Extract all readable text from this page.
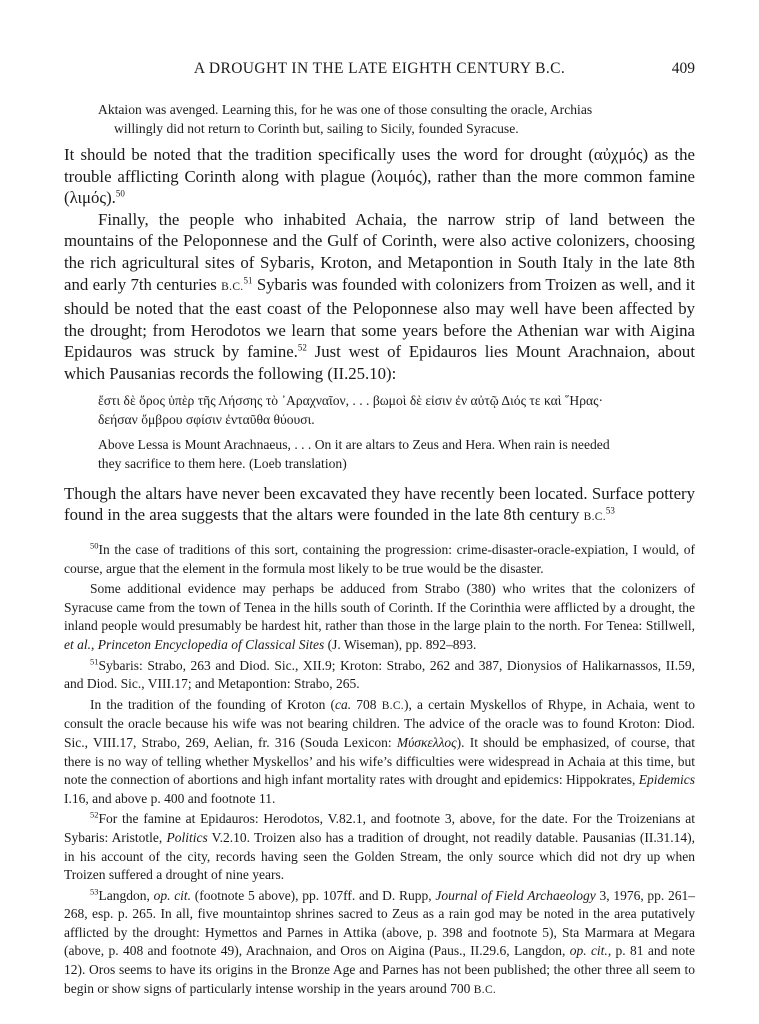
A DROUGHT IN THE LATE EIGHTH CENTURY B.C.	409

Aktaion was avenged. Learning this, for he was one of those consulting the oracle, Archias
willingly did not return to Corinth but, sailing to Sicily, founded Syracuse.

It should be noted that the tradition specifically uses the word for drought (αὐχμός) as the trouble afflicting Corinth along with plague (λοιμός), rather than the more common famine (λιμός).$^{50}$

Finally, the people who inhabited Achaia, the narrow strip of land between the mountains of the Peloponnese and the Gulf of Corinth, were also active colonizers, choosing the rich agricultural sites of Sybaris, Kroton, and Metapontion in South Italy in the late 8th and early 7th centuries B.C.$^{51}$ Sybaris was founded with colonizers from Troizen as well, and it should be noted that the east coast of the Peloponnese also may well have been affected by the drought; from Herodotos we learn that some years before the Athenian war with Aigina Epidauros was struck by famine.$^{52}$ Just west of Epidauros lies Mount Arachnaion, about which Pausanias records the following (II.25.10):

ἔστι δὲ ὄρος ὑπὲρ τῆς Λήσσης τὸ ᾽Αραχναῖον, . . . βωμοὶ δὲ εἰσιν ἐν αὐτῷ Διός τε καὶ ῞Ηρας·
δεήσαν ὄμβρου σφίσιν ἐνταῦθα θύουσι.

Above Lessa is Mount Arachnaeus, . . . On it are altars to Zeus and Hera. When rain is needed
they sacrifice to them here. (Loeb translation)

Though the altars have never been excavated they have recently been located. Surface pottery found in the area suggests that the altars were founded in the late 8th century B.C.$^{53}$

$^{50}$In the case of traditions of this sort, containing the progression: crime-disaster-oracle-expiation, I would, of course, argue that the element in the formula most likely to be true would be the disaster.

Some additional evidence may perhaps be adduced from Strabo (380) who writes that the colonizers of Syracuse came from the town of Tenea in the hills south of Corinth. If the Corinthia were afflicted by a drought, the inland people would presumably be hardest hit, rather than those in the large plain to the north. For Tenea: Stillwell, et al., Princeton Encyclopedia of Classical Sites (J. Wiseman), pp. 892–893.

$^{51}$Sybaris: Strabo, 263 and Diod. Sic., XII.9; Kroton: Strabo, 262 and 387, Dionysios of Halikarnassos, II.59, and Diod. Sic., VIII.17; and Metapontion: Strabo, 265.

In the tradition of the founding of Kroton (ca. 708 B.C.), a certain Myskellos of Rhype, in Achaia, went to consult the oracle because his wife was not bearing children. The advice of the oracle was to found Kroton: Diod. Sic., VIII.17, Strabo, 269, Aelian, fr. 316 (Souda Lexicon: Μύσκελλος). It should be emphasized, of course, that there is no way of telling whether Myskellos’ and his wife’s difficulties were widespread in Achaia at this time, but note the connection of abortions and high infant mortality rates with drought and epidemics: Hippokrates, Epidemics I.16, and above p. 400 and footnote 11.

$^{52}$For the famine at Epidauros: Herodotos, V.82.1, and footnote 3, above, for the date. For the Troizenians at Sybaris: Aristotle, Politics V.2.10. Troizen also has a tradition of drought, not readily datable. Pausanias (II.31.14), in his account of the city, records having seen the Golden Stream, the only source which did not dry up when Troizen suffered a drought of nine years.

$^{53}$Langdon, op. cit. (footnote 5 above), pp. 107ff. and D. Rupp, Journal of Field Archaeology 3, 1976, pp. 261–268, esp. p. 265. In all, five mountaintop shrines sacred to Zeus as a rain god may be noted in the area putatively afflicted by the drought: Hymettos and Parnes in Attika (above, p. 398 and footnote 5), Sta Marmara at Megara (above, p. 408 and footnote 49), Arachnaion, and Oros on Aigina (Paus., II.29.6, Langdon, op. cit., p. 81 and note 12). Oros seems to have its origins in the Bronze Age and Parnes has not been published; the other three all seem to begin or show signs of particularly intense worship in the years around 700 B.C.
